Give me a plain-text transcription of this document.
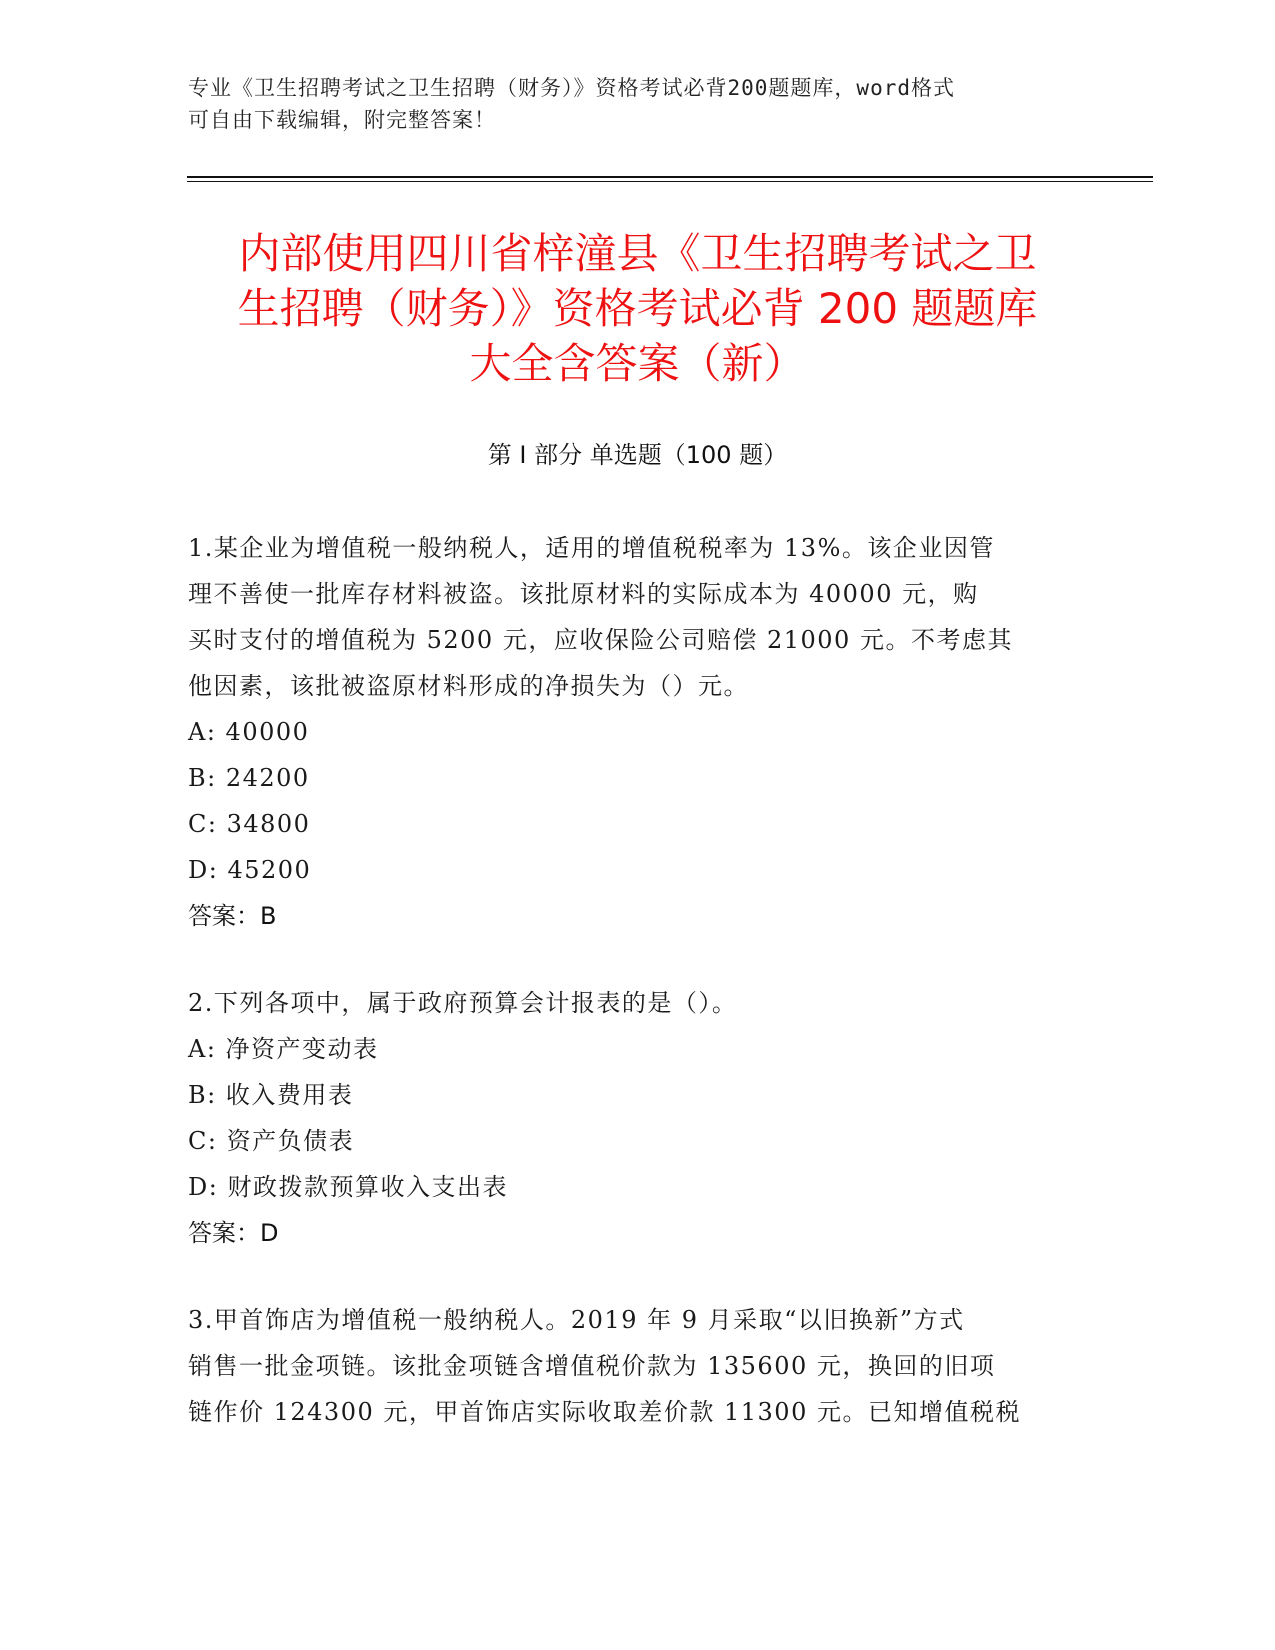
专业《卫生招聘考试之卫生招聘（财务）》资格考试必背200题题库，word格式
可自由下载编辑，附完整答案！
内部使用四川省梓潼县《卫生招聘考试之卫
生招聘（财务）》资格考试必背 200 题题库
大全含答案（新）
第 I 部分 单选题（100 题）
1.某企业为增值税一般纳税人，适用的增值税税率为 13%。该企业因管
理不善使一批库存材料被盗。该批原材料的实际成本为 40000 元，购
买时支付的增值税为 5200 元，应收保险公司赔偿 21000 元。不考虑其
他因素，该批被盗原材料形成的净损失为（）元。
A: 40000
B: 24200
C: 34800
D: 45200
答案：B
2.下列各项中，属于政府预算会计报表的是（）。
A: 净资产变动表
B: 收入费用表
C: 资产负债表
D: 财政拨款预算收入支出表
答案：D
3.甲首饰店为增值税一般纳税人。2019 年 9 月采取“以旧换新”方式
销售一批金项链。该批金项链含增值税价款为 135600 元，换回的旧项
链作价 124300 元，甲首饰店实际收取差价款 11300 元。已知增值税税
